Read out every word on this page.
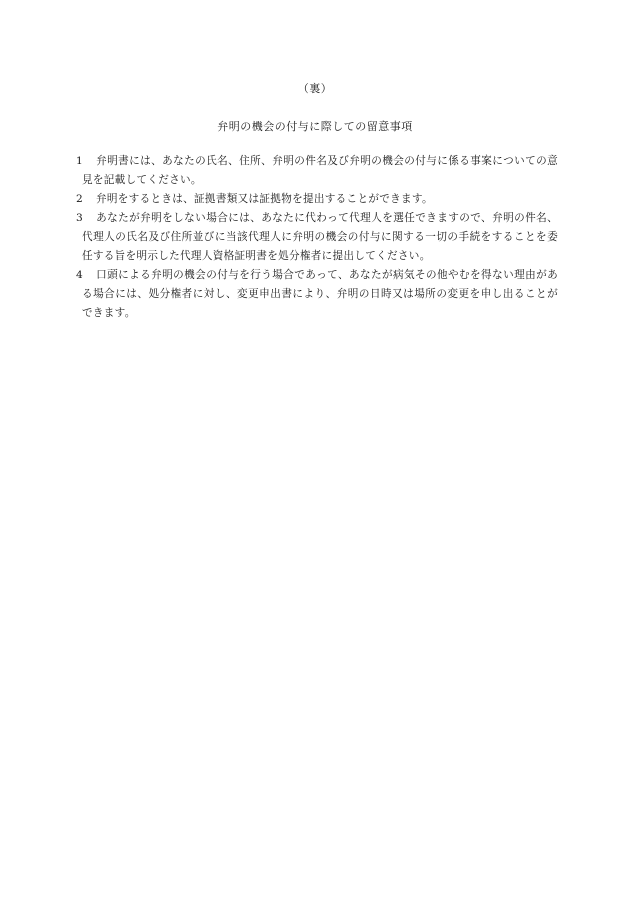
（裏）
弁明の機会の付与に際しての留意事項
1 弁明書には、あなたの氏名、住所、弁明の件名及び弁明の機会の付与に係る事案についての意見を記載してください。
2 弁明をするときは、証拠書類又は証拠物を提出することができます。
3 あなたが弁明をしない場合には、あなたに代わって代理人を選任できますので、弁明の件名、代理人の氏名及び住所並びに当該代理人に弁明の機会の付与に関する一切の手続をすることを委任する旨を明示した代理人資格証明書を処分権者に提出してください。
4 口頭による弁明の機会の付与を行う場合であって、あなたが病気その他やむを得ない理由がある場合には、処分権者に対し、変更申出書により、弁明の日時又は場所の変更を申し出ることができます。
